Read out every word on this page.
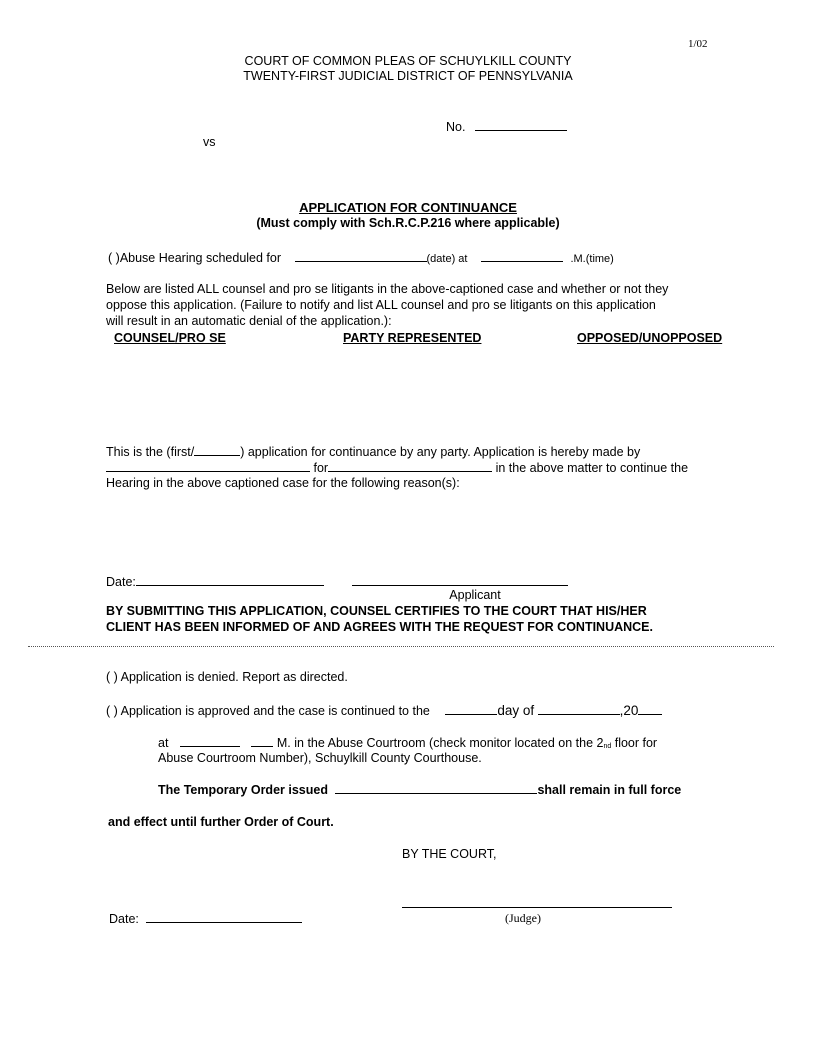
1/02
COURT OF COMMON PLEAS OF SCHUYLKILL COUNTY
TWENTY-FIRST JUDICIAL DISTRICT OF PENNSYLVANIA
No.
vs
APPLICATION FOR CONTINUANCE
(Must comply with Sch.R.C.P.216 where applicable)
( )Abuse Hearing scheduled for	(date) at	.M.(time)
Below are listed ALL counsel and pro se litigants in the above-captioned case and whether or not they
oppose this application. (Failure to notify and list ALL counsel and pro se litigants on this application
will result in an automatic denial of the application.):
COUNSEL/PRO SE	PARTY REPRESENTED	OPPOSED/UNOPPOSED
This is the (first/	) application for continuance by any party. Application is hereby made by
for	in the above matter to continue the
Hearing in the above captioned case for the following reason(s):
Date:
Applicant
BY SUBMITTING THIS APPLICATION, COUNSEL CERTIFIES TO THE COURT THAT HIS/HER
CLIENT HAS BEEN INFORMED OF AND AGREES WITH THE REQUEST FOR CONTINUANCE.
( ) Application is denied. Report as directed.
( ) Application is approved and the case is continued to the	day of	,20
at	M. in the Abuse Courtroom (check monitor located on the $2_{nd}$ floor for
Abuse Courtroom Number), Schuylkill County Courthouse.
The Temporary Order issued	shall remain in full force
and effect until further Order of Court.
BY THE COURT,
Date:	(Judge)
